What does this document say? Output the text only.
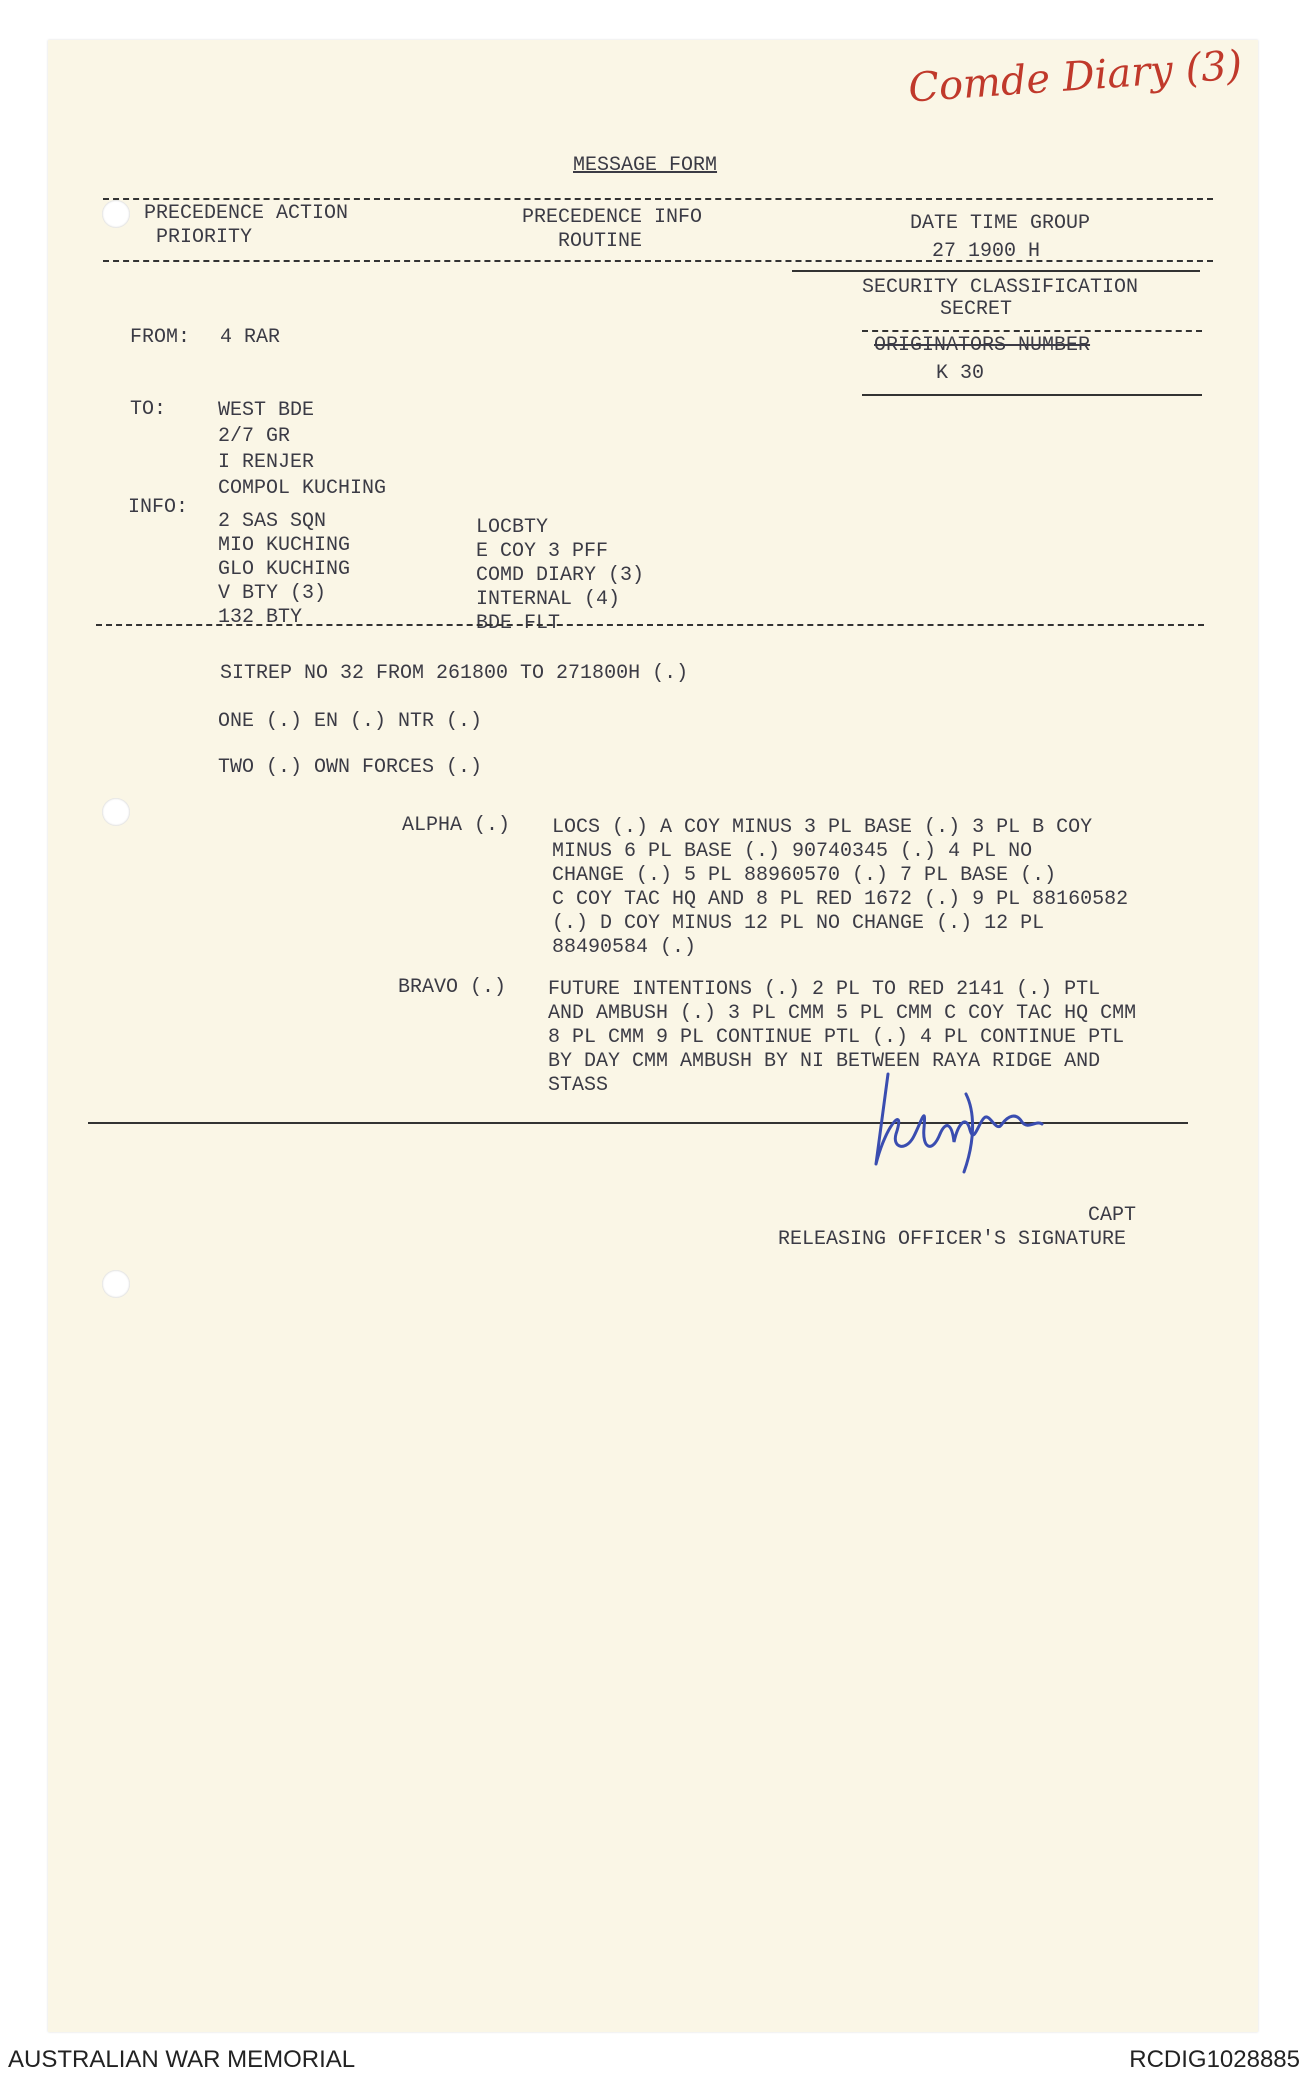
Comde Diary (3)
MESSAGE FORM
PRECEDENCE ACTION
PRIORITY
PRECEDENCE INFO
ROUTINE
DATE TIME GROUP
27 1900 H
SECURITY CLASSIFICATION
SECRET
ORIGINATORS NUMBER
K 30
FROM: 4 RAR
TO:	WEST BDE
2/7 GR
I RENJER
COMPOL KUCHING
INFO:
2 SAS SQN
MIO KUCHING
GLO KUCHING
V BTY (3)
132 BTY
LOCBTY
E COY 3 PFF
COMD DIARY (3)
INTERNAL (4)
BDE FLT
SITREP NO 32 FROM 261800 TO 271800H (.)
ONE (.) EN (.) NTR (.)
TWO (.) OWN FORCES (.)
ALPHA (.) LOCS (.) A COY MINUS 3 PL BASE (.) 3 PL B COY
MINUS 6 PL BASE (.) 90740345 (.) 4 PL NO
CHANGE (.) 5 PL 88960570 (.) 7 PL BASE (.)
C COY TAC HQ AND 8 PL RED 1672 (.) 9 PL 88160582
(.) D COY MINUS 12 PL NO CHANGE (.) 12 PL
88490584 (.)
BRAVO (.) FUTURE INTENTIONS (.) 2 PL TO RED 2141 (.) PTL
AND AMBUSH (.) 3 PL CMM 5 PL CMM C COY TAC HQ CMM
8 PL CMM 9 PL CONTINUE PTL (.) 4 PL CONTINUE PTL
BY DAY CMM AMBUSH BY NI BETWEEN RAYA RIDGE AND
STASS
CAPT
RELEASING OFFICER'S SIGNATURE
AUSTRALIAN WAR MEMORIAL	RCDIG1028885
